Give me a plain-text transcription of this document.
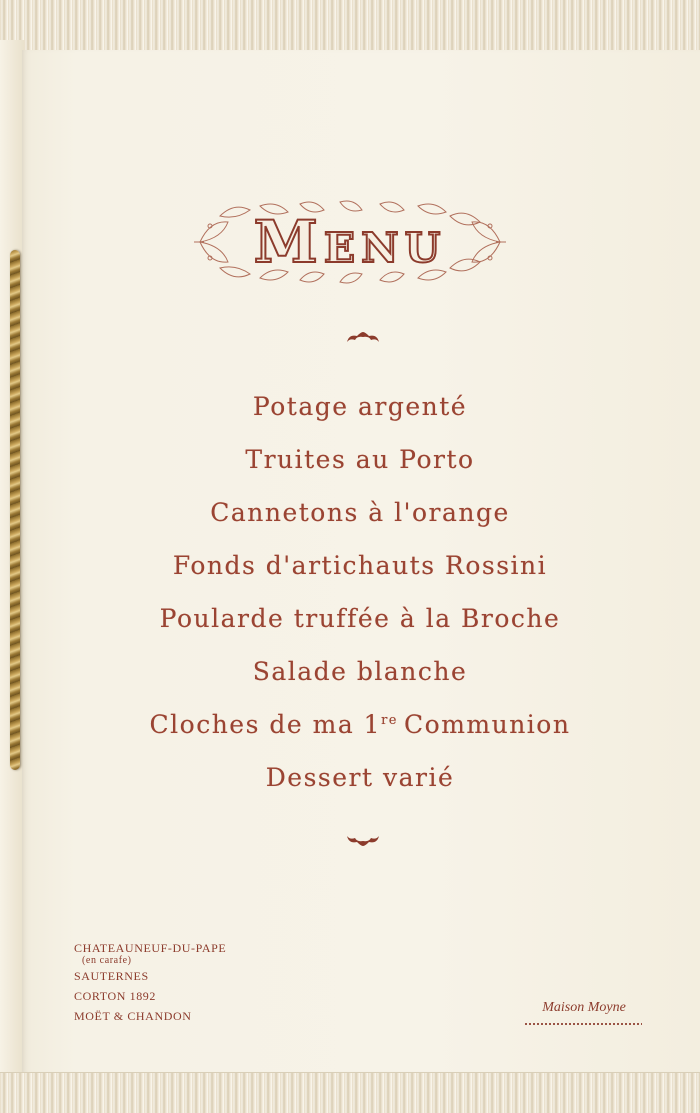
Menu
Potage argenté
Truites au Porto
Cannetons à l'orange
Fonds d'artichauts Rossini
Poularde truffée à la Broche
Salade blanche
Cloches de ma 1re Communion
Dessert varié
CHATEAUNEUF-DU-PAPE
(en carafe)
SAUTERNES
CORTON 1892
MOËT & CHANDON
Maison Moyne
